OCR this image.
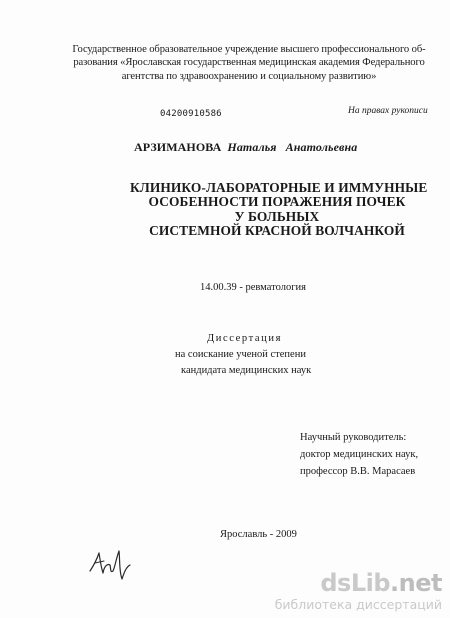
Государственное образовательное учреждение высшего профессионального об-
разования «Ярославская государственная медицинская академия Федерального
агентства по здравоохранению и социальному развитию»
04200910586	На правах рукописи
АРЗИМАНОВА Наталья Анатольевна
КЛИНИКО-ЛАБОРАТОРНЫЕ И ИММУННЫЕ
ОСОБЕННОСТИ ПОРАЖЕНИЯ ПОЧЕК
У БОЛЬНЫХ
СИСТЕМНОЙ КРАСНОЙ ВОЛЧАНКОЙ
14.00.39 - ревматология
Диссертация
на соискание ученой степени
кандидата медицинских наук
Научный руководитель:
доктор медицинских наук,
профессор В.В. Марасаев
Ярославль - 2009
dsLib.net
библиотека диссертаций
